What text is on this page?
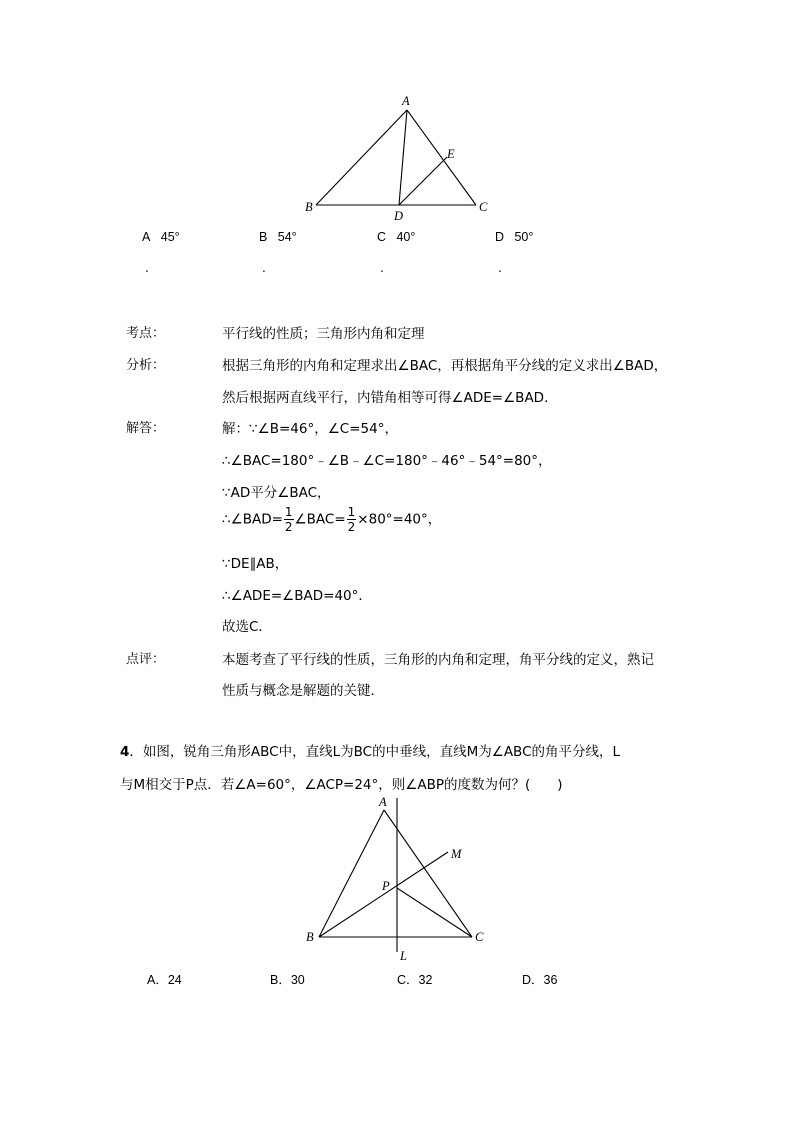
A
B	C
D
E
A 45°	B 54°	C 40°	D 50°
.	.	.	.
考点：	平行线的性质；三角形内角和定理
分析：	根据三角形的内角和定理求出∠BAC，再根据角平分线的定义求出∠BAD，
然后根据两直线平行，内错角相等可得∠ADE=∠BAD．
解答：	解：∵∠B=46°，∠C=54°，
∴∠BAC=180°﹣∠B﹣∠C=180°﹣46°﹣54°=80°，
∵AD平分∠BAC，
∴∠BAD= $\frac{1}{2}$ ∠BAC= $\frac{1}{2} \times 80^\circ=40^\circ$，
∵DE∥AB，
∴∠ADE=∠BAD=40°．
故选C．
点评：	本题考查了平行线的性质，三角形的内角和定理，角平分线的定义，熟记
性质与概念是解题的关键．
4．如图，锐角三角形ABC中，直线L为BC的中垂线，直线M为∠ABC的角平分线，L
与M相交于P点．若∠A=60°，∠ACP=24°，则∠ABP的度数为何？(　　)
A
B	C
P
M
L
A．24	B．30	C．32	D．36
